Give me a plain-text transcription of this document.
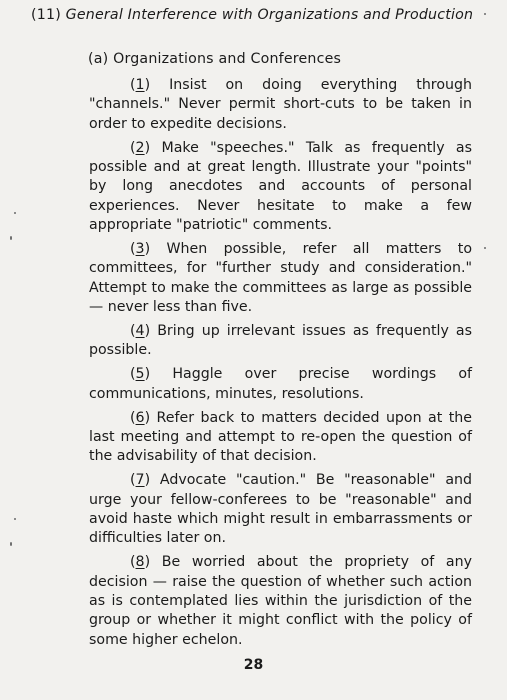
(11) General Interference with Organizations and Production
(a) Organizations and Conferences

(1) Insist on doing everything through "channels." Never permit short-cuts to be taken in order to expedite decisions.

(2) Make "speeches." Talk as frequently as possible and at great length. Illustrate your "points" by long anecdotes and accounts of personal experiences. Never hesitate to make a few appropriate "patriotic" comments.

(3) When possible, refer all matters to committees, for "further study and consideration." Attempt to make the committees as large as possible — never less than five.

(4) Bring up irrelevant issues as frequently as possible.

(5) Haggle over precise wordings of communications, minutes, resolutions.

(6) Refer back to matters decided upon at the last meeting and attempt to re-open the question of the advisability of that decision.

(7) Advocate "caution." Be "reasonable" and urge your fellow-conferees to be "reasonable" and avoid haste which might result in embarrassments or difficulties later on.

(8) Be worried about the propriety of any decision — raise the question of whether such action as is contemplated lies within the jurisdiction of the group or whether it might conflict with the policy of some higher echelon.

28
